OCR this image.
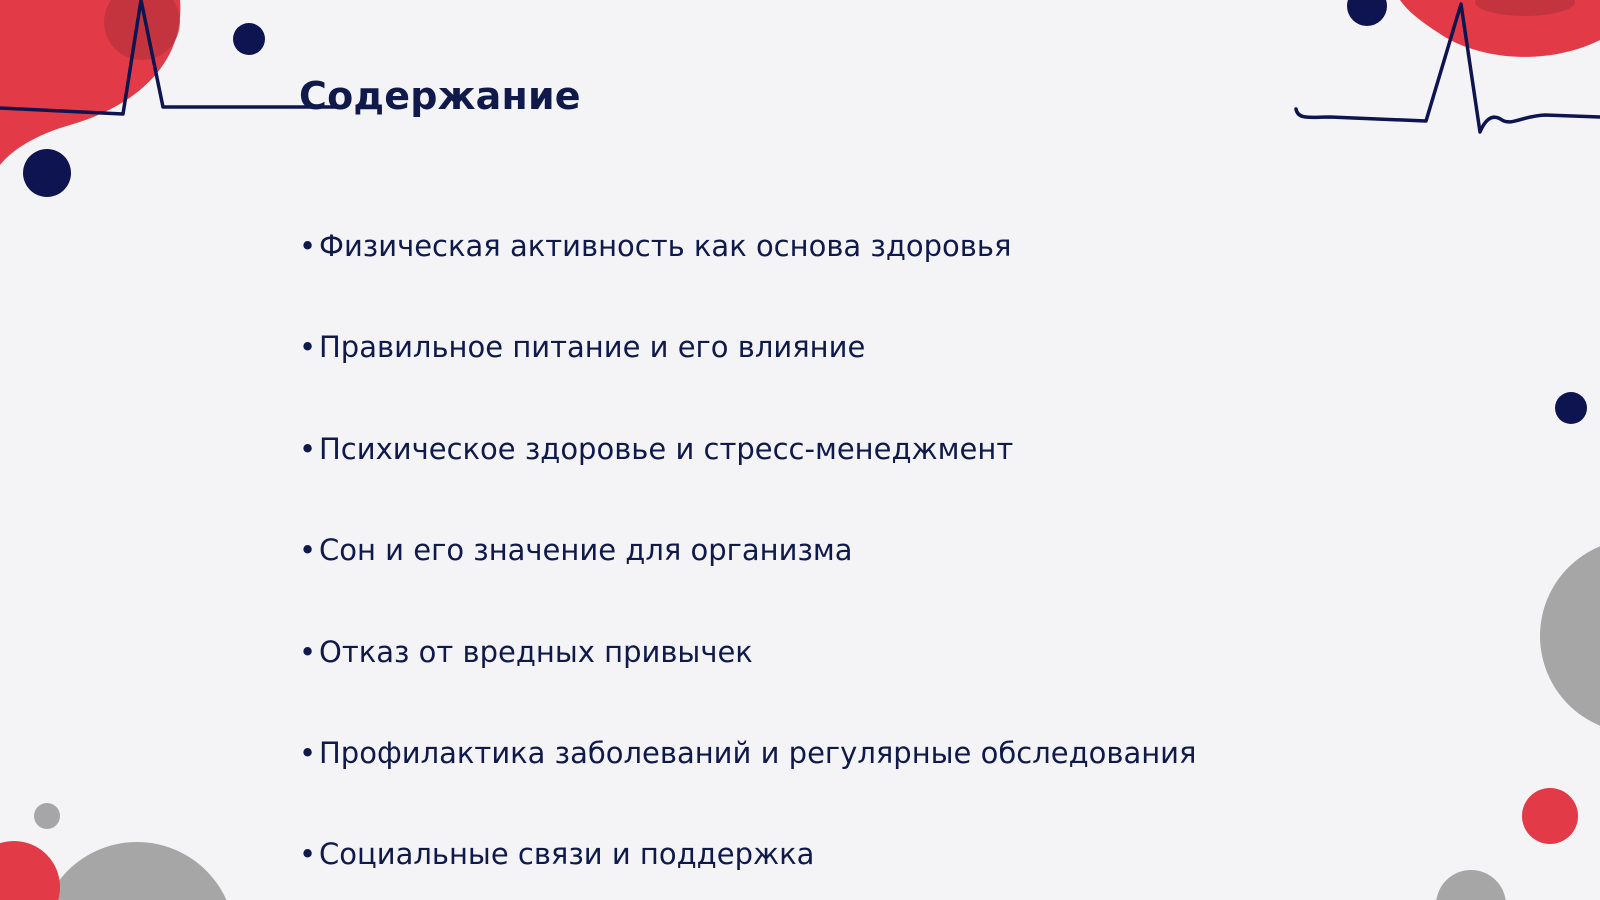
Содержание
• Физическая активность как основа здоровья
• Правильное питание и его влияние
• Психическое здоровье и стресс-менеджмент
• Сон и его значение для организма
• Отказ от вредных привычек
• Профилактика заболеваний и регулярные обследования
• Социальные связи и поддержка
